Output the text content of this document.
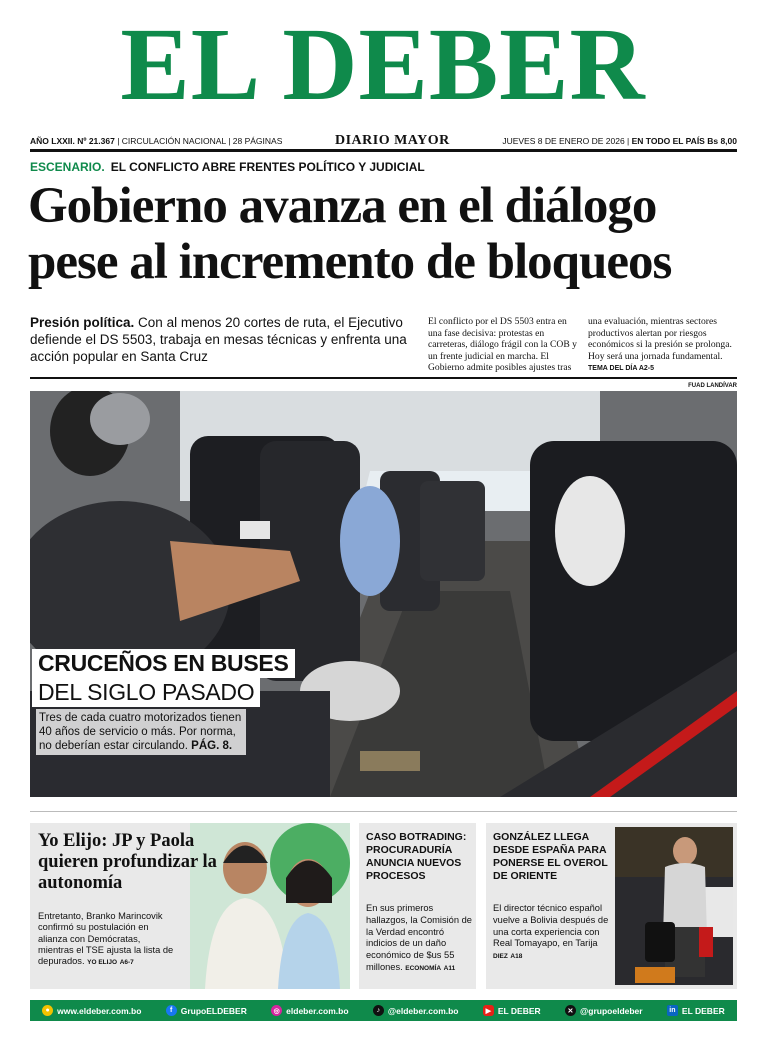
EL DEBER
AÑO LXXII. Nº 21.367 | CIRCULACIÓN NACIONAL | 28 PÁGINAS	DIARIO MAYOR	JUEVES 8 DE ENERO DE 2026 | EN TODO EL PAÍS Bs 8,00
ESCENARIO. EL CONFLICTO ABRE FRENTES POLÍTICO Y JUDICIAL
Gobierno avanza en el diálogo
pese al incremento de bloqueos
Presión política. Con al menos 20 cortes de ruta, el Ejecutivo defiende el DS 5503, trabaja en mesas técnicas y enfrenta una acción popular en Santa Cruz
El conflicto por el DS 5503 entra en una fase decisiva: protestas en carreteras, diálogo frágil con la COB y un frente judicial en marcha. El Gobierno admite posibles ajustes tras
una evaluación, mientras sectores productivos alertan por riesgos económicos si la presión se prolonga. Hoy será una jornada fundamental.
TEMA DEL DÍA A2-5
FUAD LANDÍVAR
CRUCEÑOS EN BUSES
DEL SIGLO PASADO
Tres de cada cuatro motorizados tienen 40 años de servicio o más. Por norma, no deberían estar circulando. PÁG. 8.
Yo Elijo: JP y Paola quieren profundizar la autonomía
Entretanto, Branko Marincovik confirmó su postulación en alianza con Demócratas, mientras el TSE ajusta la lista de depurados. YO ELIJO A6-7
CASO BOTRADING: PROCURADURÍA ANUNCIA NUEVOS PROCESOS
En sus primeros hallazgos, la Comisión de la Verdad encontró indicios de un daño económico de $us 55 millones. ECONOMÍA A11
GONZÁLEZ LLEGA DESDE ESPAÑA PARA PONERSE EL OVEROL DE ORIENTE
El director técnico español vuelve a Bolivia después de una corta experiencia con Real Tomayapo, en Tarija DIEZ A18
● www.eldeber.com.bo	f GrupoELDEBER	◎ eldeber.com.bo	♪ @eldeber.com.bo	▶ EL DEBER	✕ @grupoeldeber	in EL DEBER
